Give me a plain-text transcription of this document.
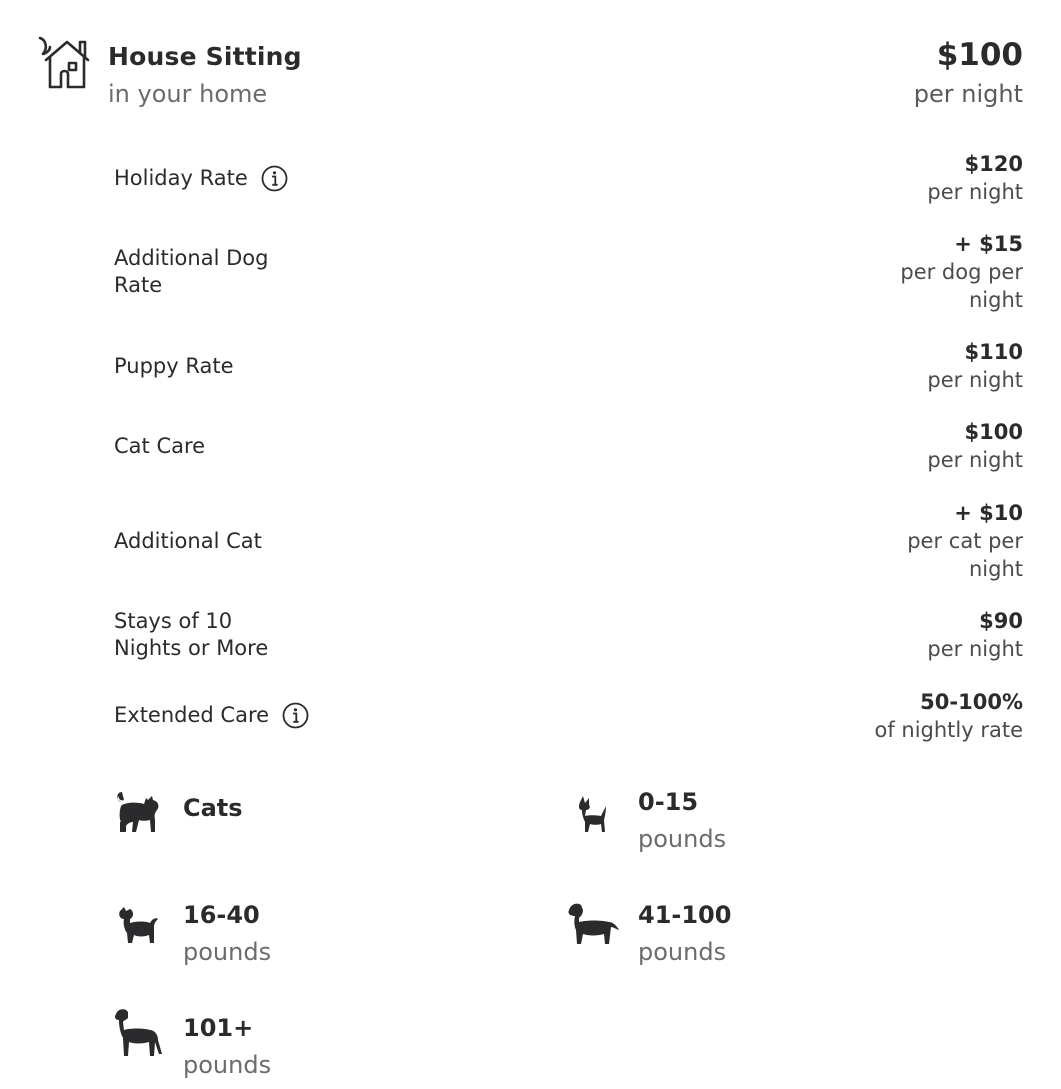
House Sitting
in your home
$100
per night
Holiday Rate
$120
per night
Additional Dog Rate
+ $15
per dog per night
Puppy Rate
$110
per night
Cat Care
$100
per night
Additional Cat
+ $10
per cat per night
Stays of 10 Nights or More
$90
per night
Extended Care
50-100%
of nightly rate
Cats	0-15
pounds
16-40
pounds
41-100
pounds
101+
pounds
